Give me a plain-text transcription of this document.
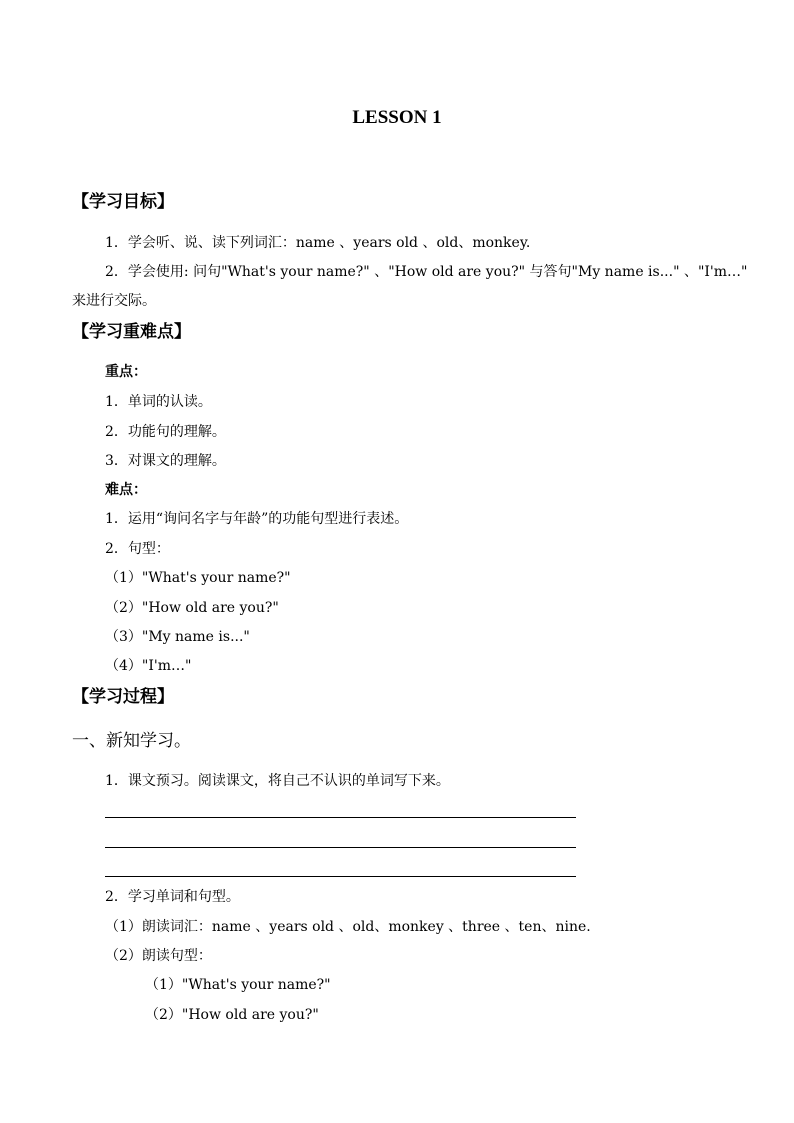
LESSON 1
【学习目标】
1．学会听、说、读下列词汇：name 、years old 、old、monkey.
2．学会使用: 问句"What's your name?" 、"How old are you?" 与答句"My name is..." 、"I'm…"
来进行交际。
【学习重难点】
重点：
1．单词的认读。
2．功能句的理解。
3．对课文的理解。
难点：
1．运用“询问名字与年龄”的功能句型进行表述。
2．句型：
（1）"What's your name?"
（2）"How old are you?"
（3）"My name is..."
（4）"I'm…"
【学习过程】
一、新知学习。
1．课文预习。阅读课文，将自己不认识的单词写下来。
2．学习单词和句型。
（1）朗读词汇：name 、years old 、old、monkey 、three 、ten、nine.
（2）朗读句型：
（1）"What's your name?"
（2）"How old are you?"
